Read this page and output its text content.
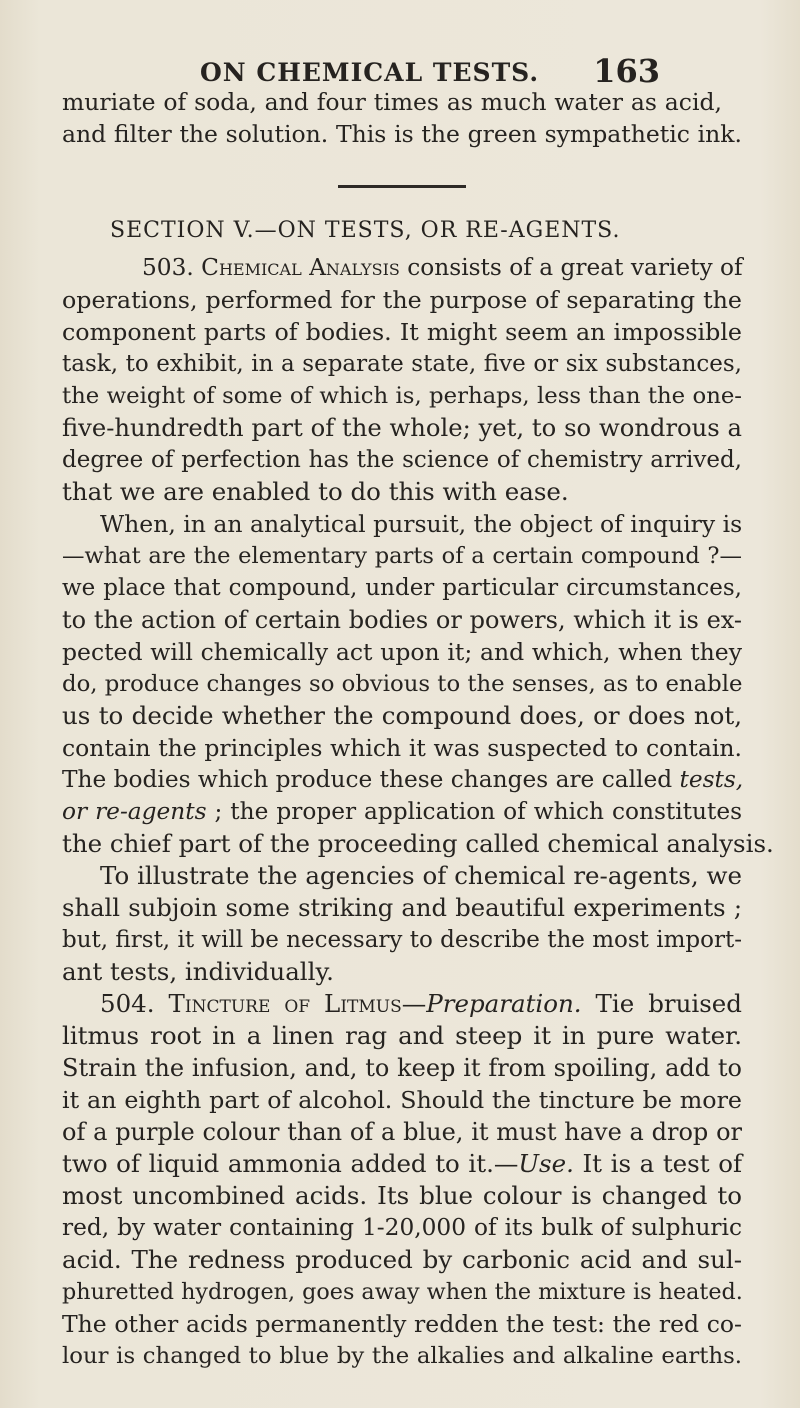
ON CHEMICAL TESTS. 163
muriate of soda, and four times as much water as acid,
and filter the solution. This is the green sympathetic ink.
SECTION V.—ON TESTS, OR RE-AGENTS.
503. Chemical Analysis consists of a great variety of
operations, performed for the purpose of separating the
component parts of bodies. It might seem an impossible
task, to exhibit, in a separate state, five or six substances,
the weight of some of which is, perhaps, less than the one-
five-hundredth part of the whole; yet, to so wondrous a
degree of perfection has the science of chemistry arrived,
that we are enabled to do this with ease.
When, in an analytical pursuit, the object of inquiry is
—what are the elementary parts of a certain compound ?—
we place that compound, under particular circumstances,
to the action of certain bodies or powers, which it is ex-
pected will chemically act upon it; and which, when they
do, produce changes so obvious to the senses, as to enable
us to decide whether the compound does, or does not,
contain the principles which it was suspected to contain.
The bodies which produce these changes are called tests,
or re-agents ; the proper application of which constitutes
the chief part of the proceeding called chemical analysis.
To illustrate the agencies of chemical re-agents, we
shall subjoin some striking and beautiful experiments ;
but, first, it will be necessary to describe the most import-
ant tests, individually.
504. Tincture of Litmus—Preparation. Tie bruised
litmus root in a linen rag and steep it in pure water.
Strain the infusion, and, to keep it from spoiling, add to
it an eighth part of alcohol. Should the tincture be more
of a purple colour than of a blue, it must have a drop or
two of liquid ammonia added to it.—Use. It is a test of
most uncombined acids. Its blue colour is changed to
red, by water containing 1-20,000 of its bulk of sulphuric
acid. The redness produced by carbonic acid and sul-
phuretted hydrogen, goes away when the mixture is heated.
The other acids permanently redden the test: the red co-
lour is changed to blue by the alkalies and alkaline earths.
